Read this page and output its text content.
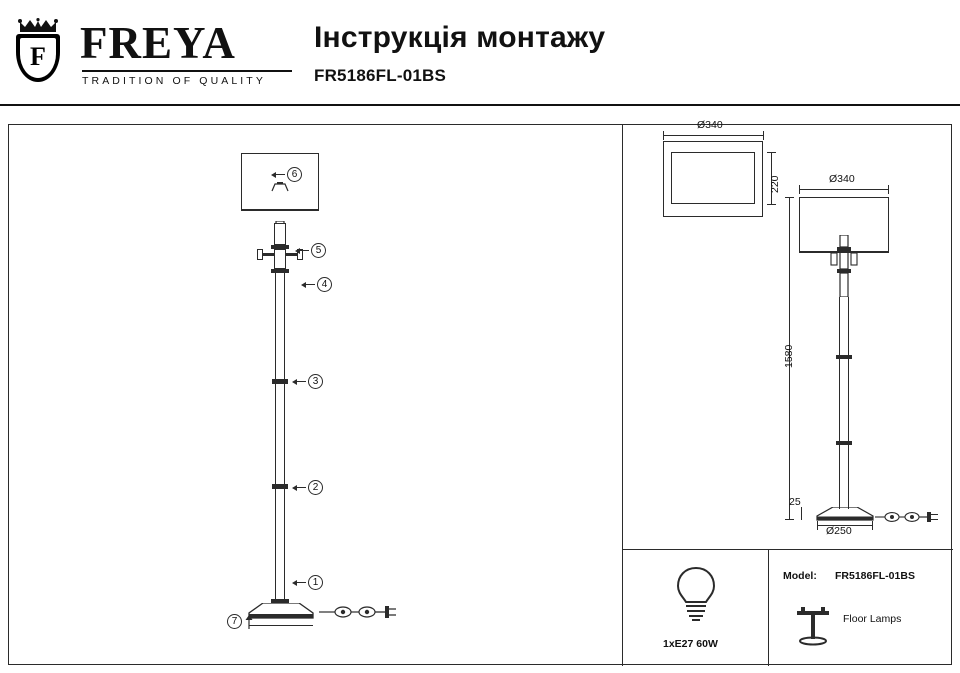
F FREYA
TRADITION OF QUALITY
Інструкція монтажу
FR5186FL-01BS
6
5
4
3
2
1
7
Ø340
220	Ø340
1580
25
Ø250
1xE27 60W
Model: FR5186FL-01BS
Floor Lamps
